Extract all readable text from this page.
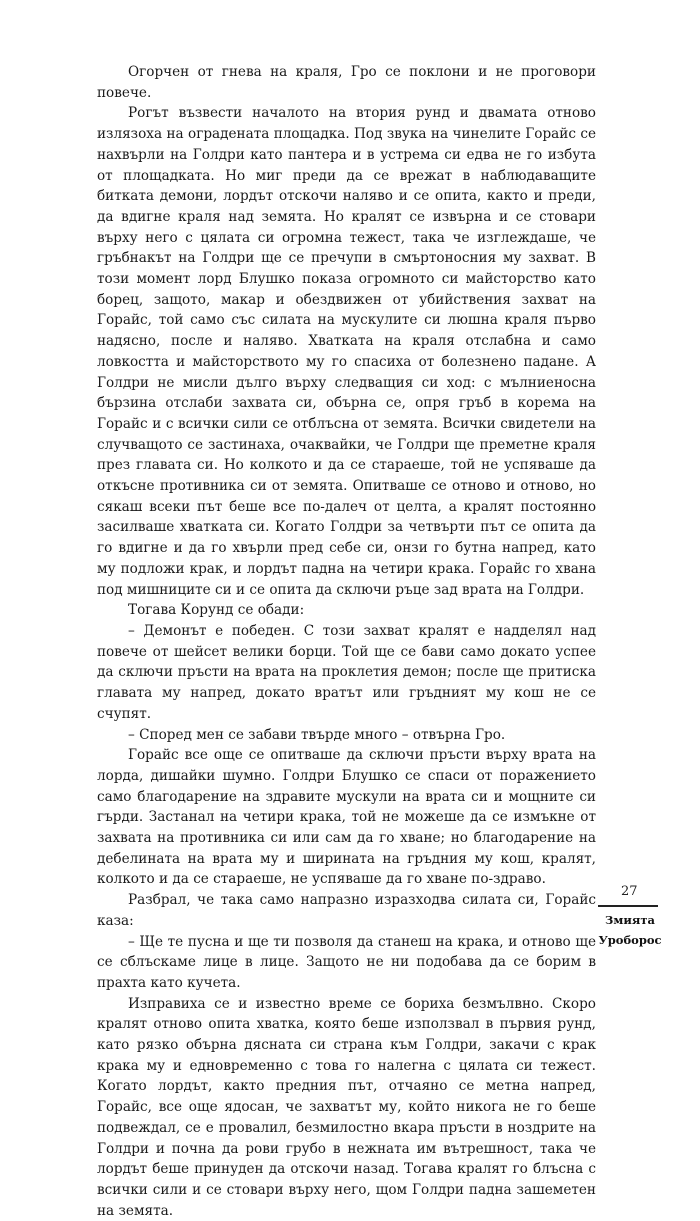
Огорчен от гнева на краля, Гро се поклони и не проговори повече.

Рогът възвести началото на втория рунд и двамата отново излязоха на оградената площадка. Под звука на чинелите Горайс се нахвърли на Голдри като пантера и в устрема си едва не го избута от площадката. Но миг преди да се врежат в наблюдаващите битката демони, лордът отскочи наляво и се опита, както и преди, да вдигне краля над земята. Но кралят се извърна и се стовари върху него с цялата си огромна тежест, така че изглеждаше, че гръбнакът на Голдри ще се пречупи в смъртоносния му захват. В този момент лорд Блушко показа огромното си майсторство като борец, защото, макар и обездвижен от убийствения захват на Горайс, той само със силата на мускулите си люшна краля първо надясно, после и наляво. Хватката на краля отслабна и само ловкостта и майсторството му го спасиха от болезнено падане. А Голдри не мисли дълго върху следващия си ход: с мълниеносна бързина отслаби захвата си, обърна се, опря гръб в корема на Горайс и с всички сили се отблъсна от земята. Всички свидетели на случващото се застинаха, очаквайки, че Голдри ще преметне краля през главата си. Но колкото и да се стараеше, той не успяваше да откъсне противника си от земята. Опитваше се отново и отново, но сякаш всеки път беше все по-далеч от целта, а кралят постоянно засилваше хватката си. Когато Голдри за четвърти път се опита да го вдигне и да го хвърли пред себе си, онзи го бутна напред, като му подложи крак, и лордът падна на четири крака. Горайс го хвана под мишниците си и се опита да сключи ръце зад врата на Голдри.

Тогава Корунд се обади:

– Демонът е победен. С този захват кралят е надделял над повече от шейсет велики борци. Той ще се бави само докато успее да сключи пръсти на врата на проклетия демон; после ще притиска главата му напред, докато вратът или гръдният му кош не се счупят.

– Според мен се забави твърде много – отвърна Гро.

Горайс все още се опитваше да сключи пръсти върху врата на лорда, дишайки шумно. Голдри Блушко се спаси от поражението само благодарение на здравите мускули на врата си и мощните си гърди. Застанал на четири крака, той не можеше да се измъкне от захвата на противника си или сам да го хване; но благодарение на дебелината на врата му и ширината на гръдния му кош, кралят, колкото и да се стараеше, не успяваше да го хване по-здраво.

Разбрал, че така само напразно изразходва силата си, Горайс каза:

– Ще те пусна и ще ти позволя да станеш на крака, и отново ще се сблъскаме лице в лице. Защото не ни подобава да се борим в прахта като кучета.

Изправиха се и известно време се бориха безмълвно. Скоро кралят отново опита хватка, която беше използвал в първия рунд, като рязко обърна дясната си страна към Голдри, закачи с крак крака му и едновременно с това го налегна с цялата си тежест. Когато лордът, както предния път, отчаяно се метна напред, Горайс, все още ядосан, че захватът му, който никога не го беше подвеждал, се е провалил, безмилостно вкара пръсти в ноздрите на Голдри и почна да рови грубо в нежната им вътрешност, така че лордът беше принуден да отскочи назад. Тогава кралят го блъсна с всички сили и се стовари върху него, щом Голдри падна зашеметен на земята.

27
Змията
Уроборос
